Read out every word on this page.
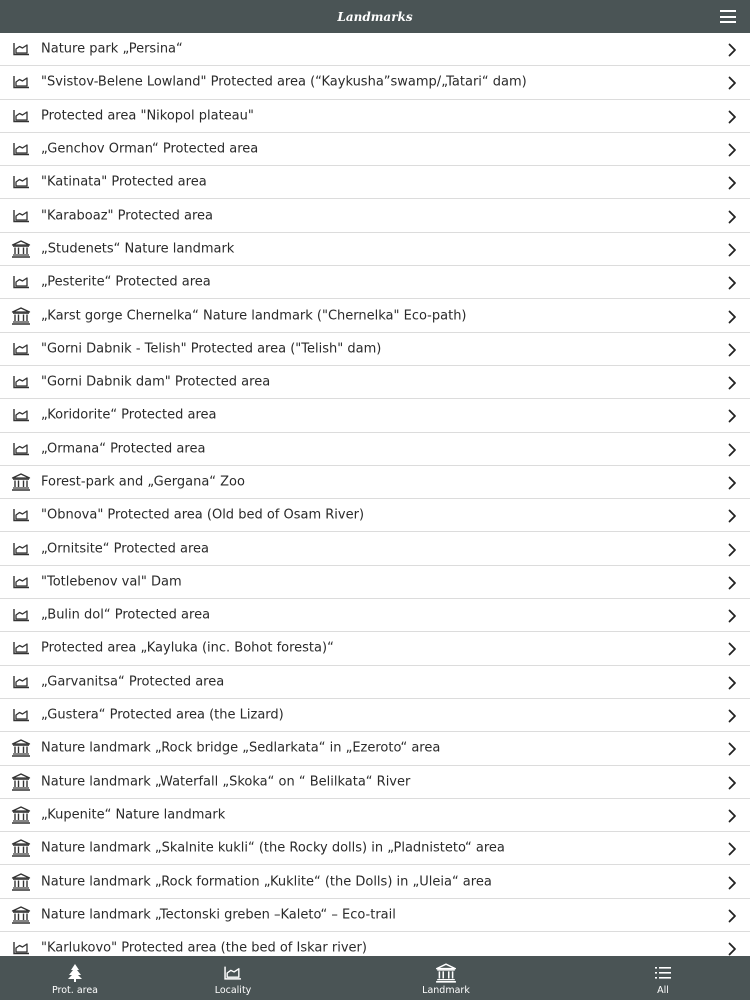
Landmarks
Nature park „Persina“
"Svistov-Belene Lowland" Protected area (“Kaykusha”swamp/„Tatari“ dam)
Protected area "Nikopol plateau"
„Genchov Orman“ Protected area
"Katinata" Protected area
"Karaboaz" Protected area
„Studenets“ Nature landmark
„Pesterite“ Protected area
„Karst gorge Chernelka“ Nature landmark ("Chernelka" Eco-path)
"Gorni Dabnik - Telish" Protected area ("Telish" dam)
"Gorni Dabnik dam" Protected area
„Koridorite“ Protected area
„Ormana“ Protected area
Forest-park and „Gergana“ Zoo
"Obnova" Protected area (Old bed of Osam River)
„Ornitsite“ Protected area
"Totlebenov val" Dam
„Bulin dol“ Protected area
Protected area „Kayluka (inc. Bohot foresta)“
„Garvanitsa“ Protected area
„Gustera“ Protected area (the Lizard)
Nature landmark „Rock bridge „Sedlarkata“ in „Ezeroto“ area
Nature landmark „Waterfall „Skoka“ on “ Belilkata“ River
„Kupenite“ Nature landmark
Nature landmark „Skalnite kukli“ (the Rocky dolls) in „Pladnisteto“ area
Nature landmark „Rock formation „Kuklite“ (the Dolls) in „Uleia“ area
Nature landmark „Tectonski greben –Kaleto“ – Eco-trail
"Karlukovo" Protected area (the bed of Iskar river)
Prot. area	Locality	Landmark	All
